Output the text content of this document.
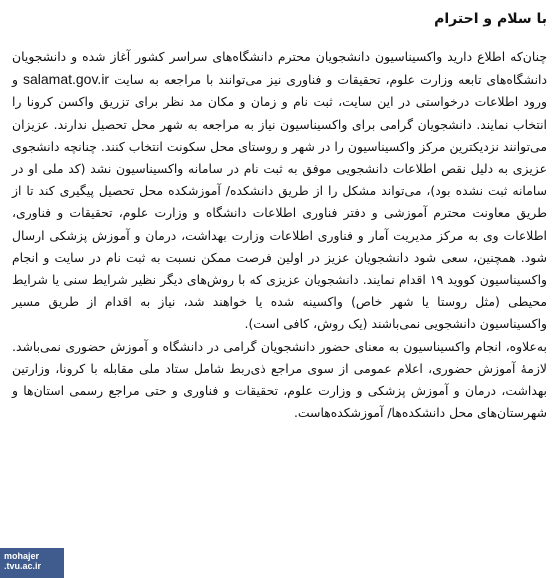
با سلام و احترام

چنان‌که اطلاع دارید واکسیناسیون دانشجویان محترم دانشگاه‌های سراسر کشور آغاز شده و دانشجویان دانشگاه‌های تابعه وزارت علوم، تحقیقات و فناوری نیز می‌توانند با مراجعه به سایت salamat.gov.ir و ورود اطلاعات درخواستی در این سایت، ثبت نام و زمان و مکان مد نظر برای تزریق واکسن کرونا را انتخاب نمایند. دانشجویان گرامی برای واکسیناسیون نیاز به مراجعه به شهر محل تحصیل ندارند. عزیزان می‌توانند نزدیکترین مرکز واکسیناسیون را در شهر و روستای محل سکونت انتخاب کنند. چنانچه دانشجوی عزیزی به دلیل نقص اطلاعات دانشجویی موفق به ثبت نام در سامانه واکسیناسیون نشد (کد ملی او در سامانه ثبت نشده بود)، می‌تواند مشکل را از طریق دانشکده/ آموزشکده محل تحصیل پیگیری کند تا از طریق معاونت محترم آموزشی و دفتر فناوری اطلاعات دانشگاه و وزارت علوم، تحقیقات و فناوری، اطلاعات وی به مرکز مدیریت آمار و فناوری اطلاعات وزارت بهداشت، درمان و آموزش پزشکی ارسال شود. همچنین، سعی شود دانشجویان عزیز در اولین فرصت ممکن نسبت به ثبت نام در سایت و انجام واکسیناسیون کووید ۱۹ اقدام نمایند. دانشجویان عزیزی که با روش‌های دیگر نظیر شرایط سنی یا شرایط محیطی (مثل روستا یا شهر خاص) واکسینه شده یا خواهند شد، نیاز به اقدام از طریق مسیر واکسیناسیون دانشجویی نمی‌باشند (یک روش، کافی است).

به‌علاوه، انجام واکسیناسیون به معنای حضور دانشجویان گرامی در دانشگاه و آموزش حضوری نمی‌باشد. لازمهٔ آموزش حضوری، اعلام عمومی از سوی مراجع ذی‌ربط شامل ستاد ملی مقابله با کرونا، وزارتین بهداشت، درمان و آموزش پزشکی و وزارت علوم، تحقیقات و فناوری و حتی مراجع رسمی استان‌ها و شهرستان‌های محل دانشکده‌ها/ آموزشکده‌هاست.

mohajer
.tvu.ac.ir
